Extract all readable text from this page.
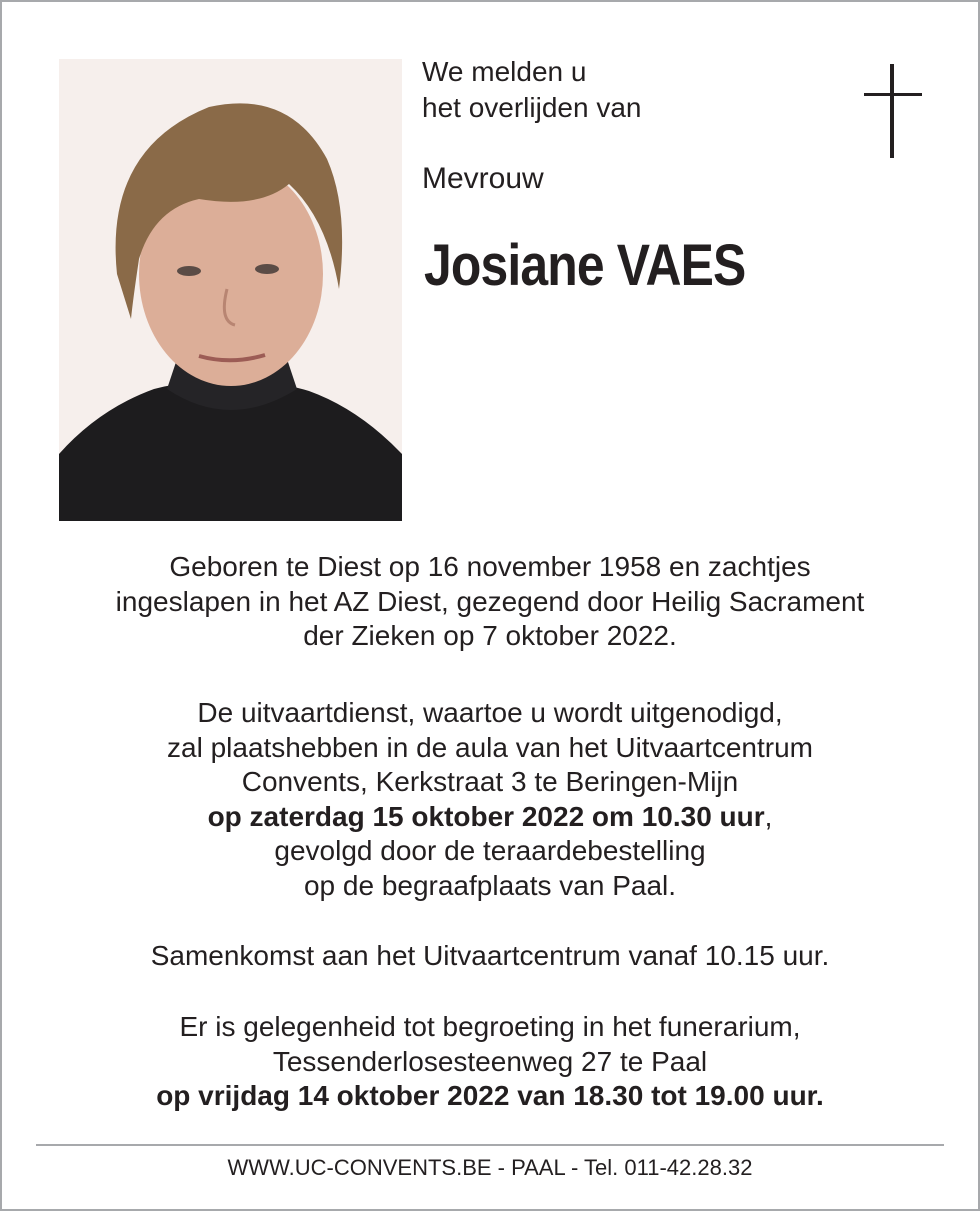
We melden u
het overlijden van
Mevrouw
Josiane VAES
Geboren te Diest op 16 november 1958 en zachtjes
ingeslapen in het AZ Diest, gezegend door Heilig Sacrament
der Zieken op 7 oktober 2022.
De uitvaartdienst, waartoe u wordt uitgenodigd,
zal plaatshebben in de aula van het Uitvaartcentrum
Convents, Kerkstraat 3 te Beringen-Mijn
op zaterdag 15 oktober 2022 om 10.30 uur,
gevolgd door de teraardebestelling
op de begraafplaats van Paal.
Samenkomst aan het Uitvaartcentrum vanaf 10.15 uur.
Er is gelegenheid tot begroeting in het funerarium,
Tessenderlosesteenweg 27 te Paal
op vrijdag 14 oktober 2022 van 18.30 tot 19.00 uur.
WWW.UC-CONVENTS.BE - PAAL - Tel. 011-42.28.32
